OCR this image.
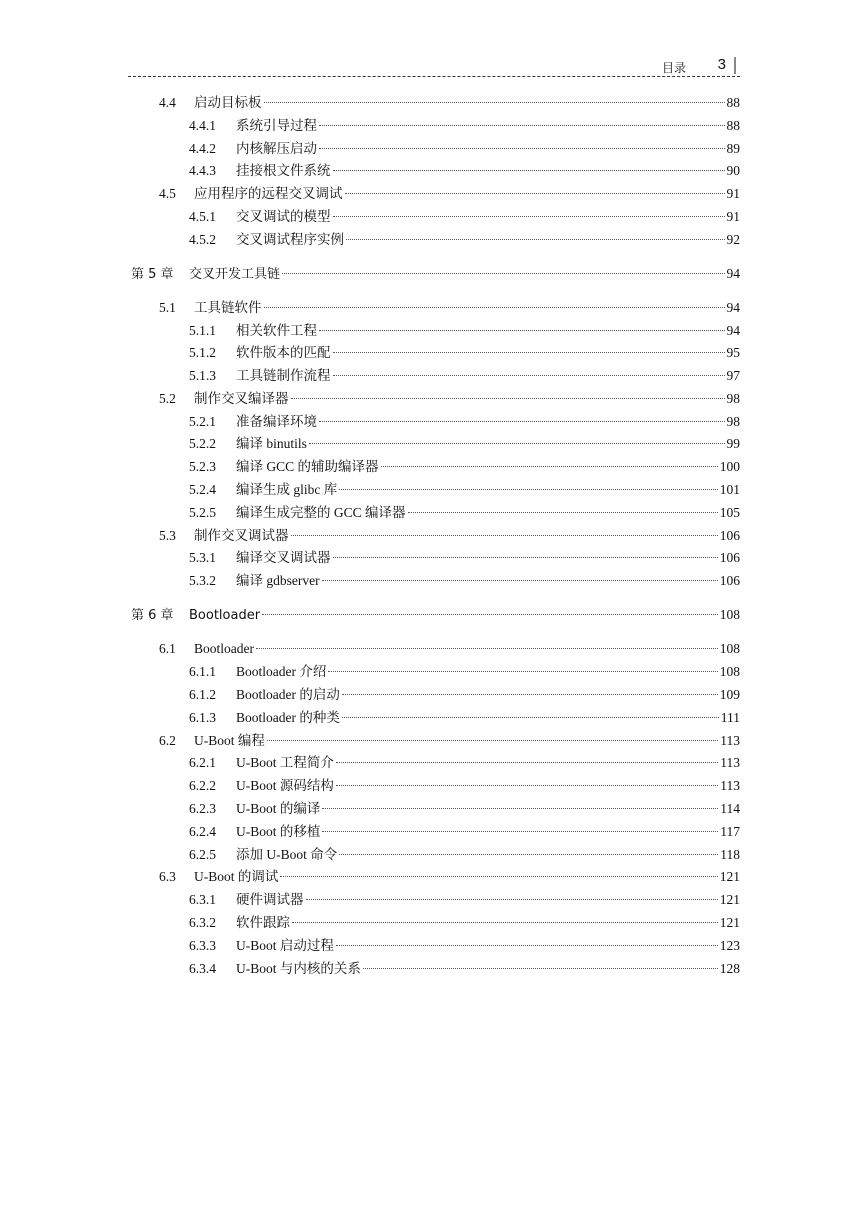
目录 3
4.4	启动目标板	88
4.4.1	系统引导过程	88
4.4.2	内核解压启动	89
4.4.3	挂接根文件系统	90
4.5	应用程序的远程交叉调试	91
4.5.1	交叉调试的模型	91
4.5.2	交叉调试程序实例	92
第 5 章	交叉开发工具链	94
5.1	工具链软件	94
5.1.1	相关软件工程	94
5.1.2	软件版本的匹配	95
5.1.3	工具链制作流程	97
5.2	制作交叉编译器	98
5.2.1	准备编译环境	98
5.2.2	编译 binutils	99
5.2.3	编译 GCC 的辅助编译器	100
5.2.4	编译生成 glibc 库	101
5.2.5	编译生成完整的 GCC 编译器	105
5.3	制作交叉调试器	106
5.3.1	编译交叉调试器	106
5.3.2	编译 gdbserver	106
第 6 章	Bootloader	108
6.1	Bootloader	108
6.1.1	Bootloader 介绍	108
6.1.2	Bootloader 的启动	109
6.1.3	Bootloader 的种类	111
6.2	U-Boot 编程	113
6.2.1	U-Boot 工程简介	113
6.2.2	U-Boot 源码结构	113
6.2.3	U-Boot 的编译	114
6.2.4	U-Boot 的移植	117
6.2.5	添加 U-Boot 命令	118
6.3	U-Boot 的调试	121
6.3.1	硬件调试器	121
6.3.2	软件跟踪	121
6.3.3	U-Boot 启动过程	123
6.3.4	U-Boot 与内核的关系	128
